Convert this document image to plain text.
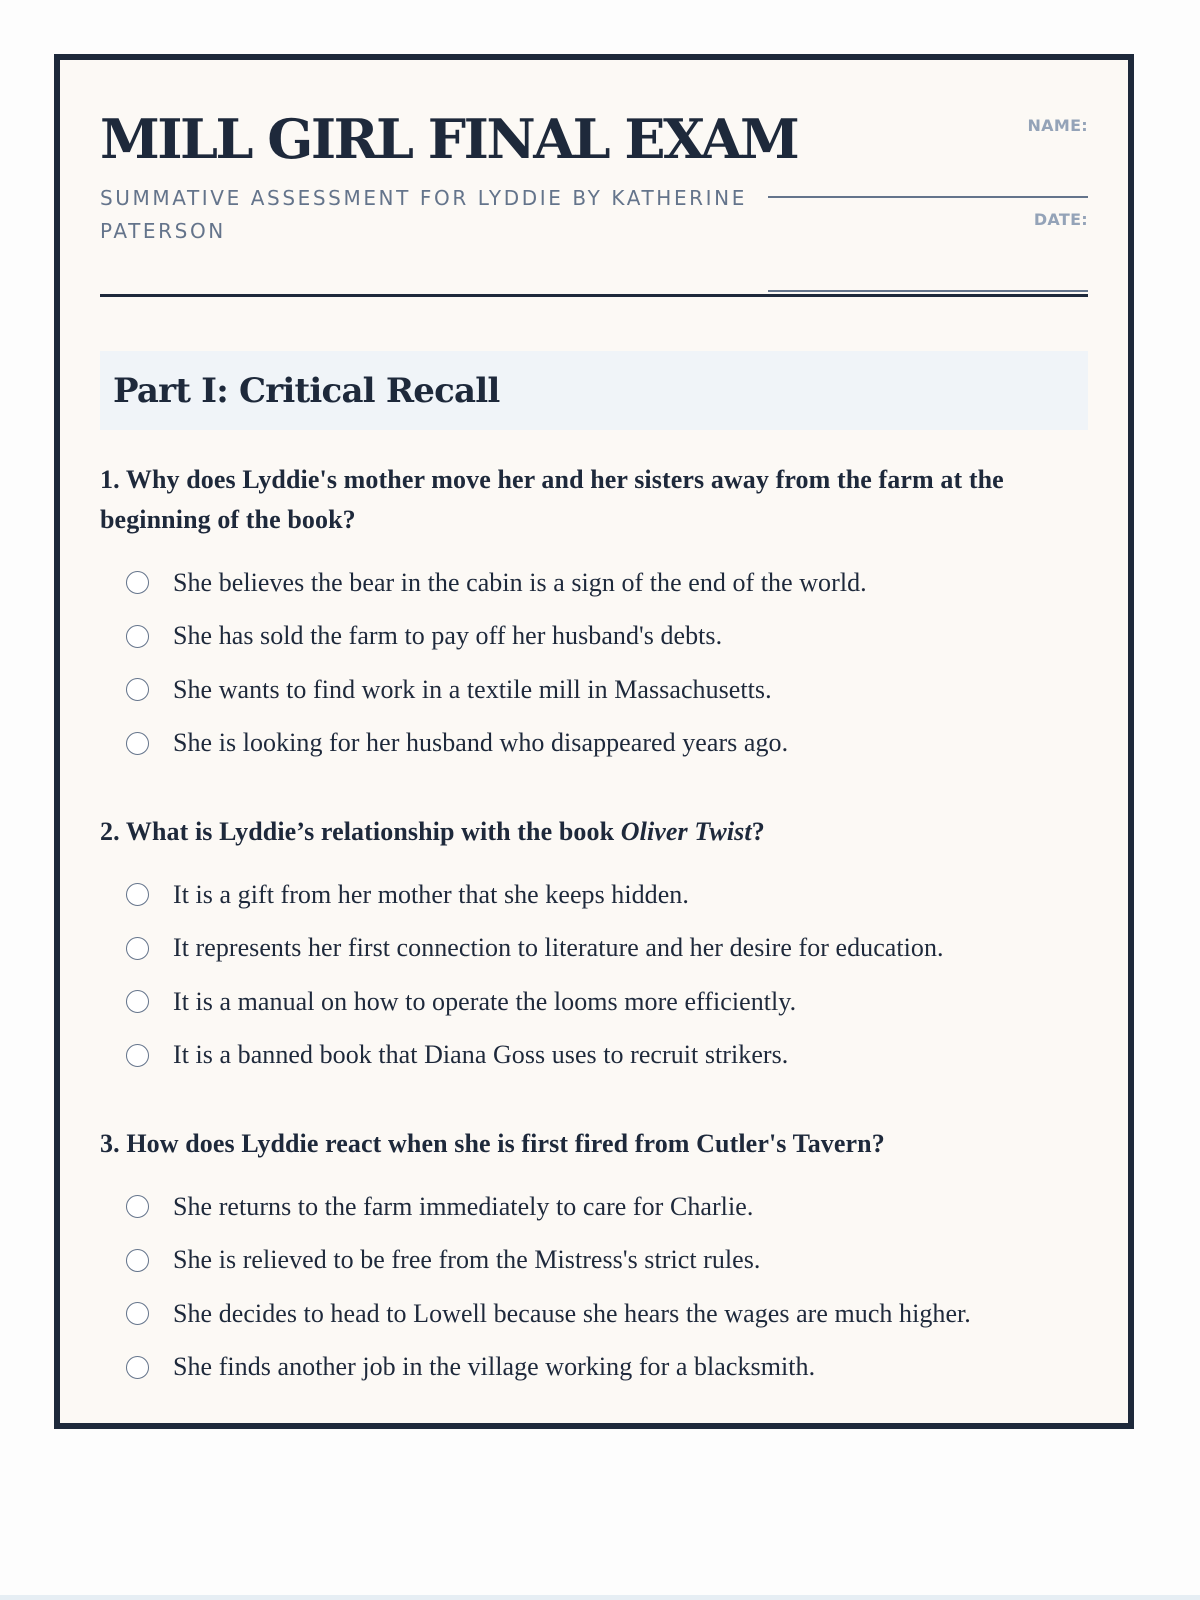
MILL GIRL FINAL EXAM
SUMMATIVE ASSESSMENT FOR LYDDIE BY KATHERINE PATERSON
NAME:
DATE:
Part I: Critical Recall

1. Why does Lyddie's mother move her and her sisters away from the farm at the beginning of the book?

She believes the bear in the cabin is a sign of the end of the world.
She has sold the farm to pay off her husband's debts.
She wants to find work in a textile mill in Massachusetts.
She is looking for her husband who disappeared years ago.

2. What is Lyddie’s relationship with the book Oliver Twist?

It is a gift from her mother that she keeps hidden.
It represents her first connection to literature and her desire for education.
It is a manual on how to operate the looms more efficiently.
It is a banned book that Diana Goss uses to recruit strikers.

3. How does Lyddie react when she is first fired from Cutler's Tavern?

She returns to the farm immediately to care for Charlie.
She is relieved to be free from the Mistress's strict rules.
She decides to head to Lowell because she hears the wages are much higher.
She finds another job in the village working for a blacksmith.
